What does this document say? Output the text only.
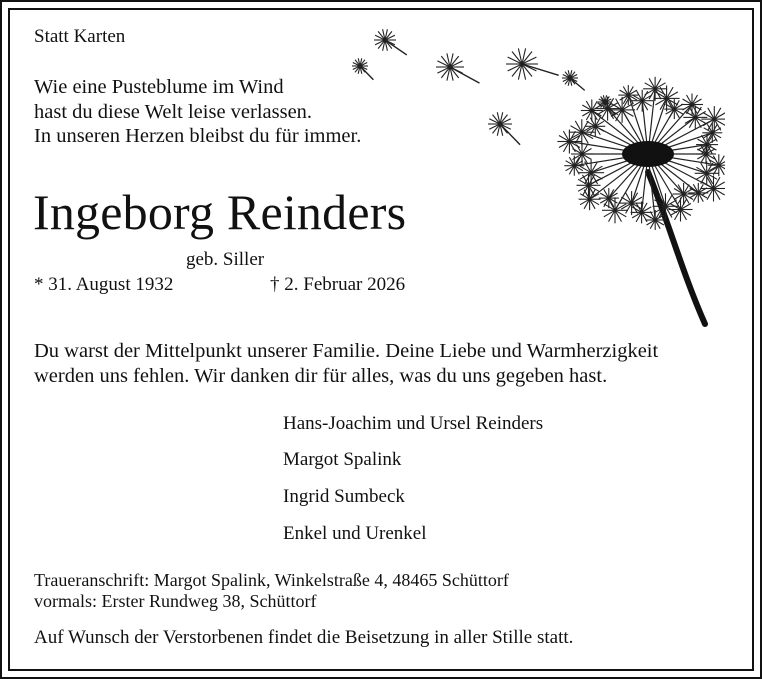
Statt Karten

Wie eine Pusteblume im Wind

hast du diese Welt leise verlassen.

In unseren Herzen bleibst du für immer.

Ingeborg Reinders

geb. Siller

* 31. August 1932	† 2. Februar 2026

Du warst der Mittelpunkt unserer Familie. Deine Liebe und Warmherzigkeit

werden uns fehlen. Wir danken dir für alles, was du uns gegeben hast.

Hans-Joachim und Ursel Reinders

Margot Spalink

Ingrid Sumbeck

Enkel und Urenkel

Traueranschrift: Margot Spalink, Winkelstraße 4, 48465 Schüttorf

vormals: Erster Rundweg 38, Schüttorf

Auf Wunsch der Verstorbenen findet die Beisetzung in aller Stille statt.
